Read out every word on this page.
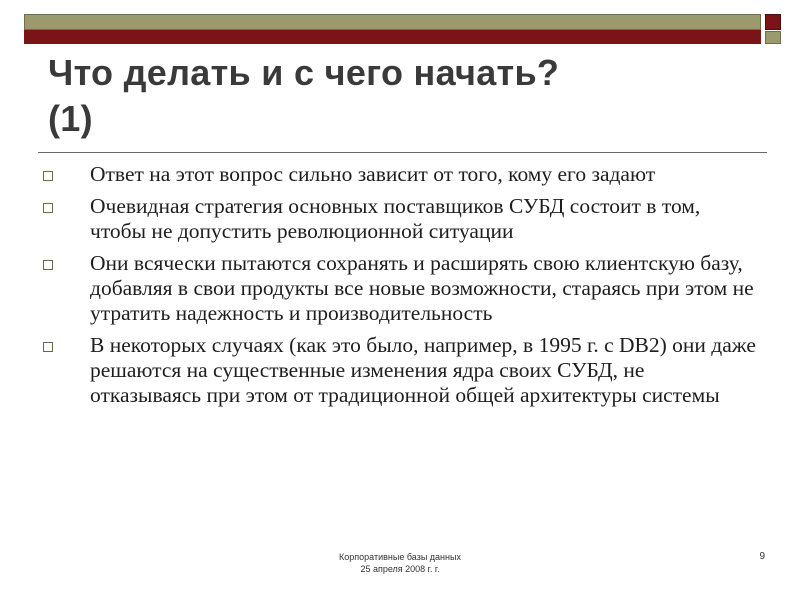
Что делать и с чего начать?
(1)
Ответ на этот вопрос сильно зависит от того, кому его задают
Очевидная стратегия основных поставщиков СУБД состоит в том, чтобы не допустить революционной ситуации
Они всячески пытаются сохранять и расширять свою клиентскую базу, добавляя в свои продукты все новые возможности, стараясь при этом не утратить надежность и производительность
В некоторых случаях (как это было, например, в 1995 г. с DB2) они даже решаются на существенные изменения ядра своих СУБД, не отказываясь при этом от традиционной общей архитектуры системы
Корпоративные базы данных
25 апреля 2008 г. г.
9
